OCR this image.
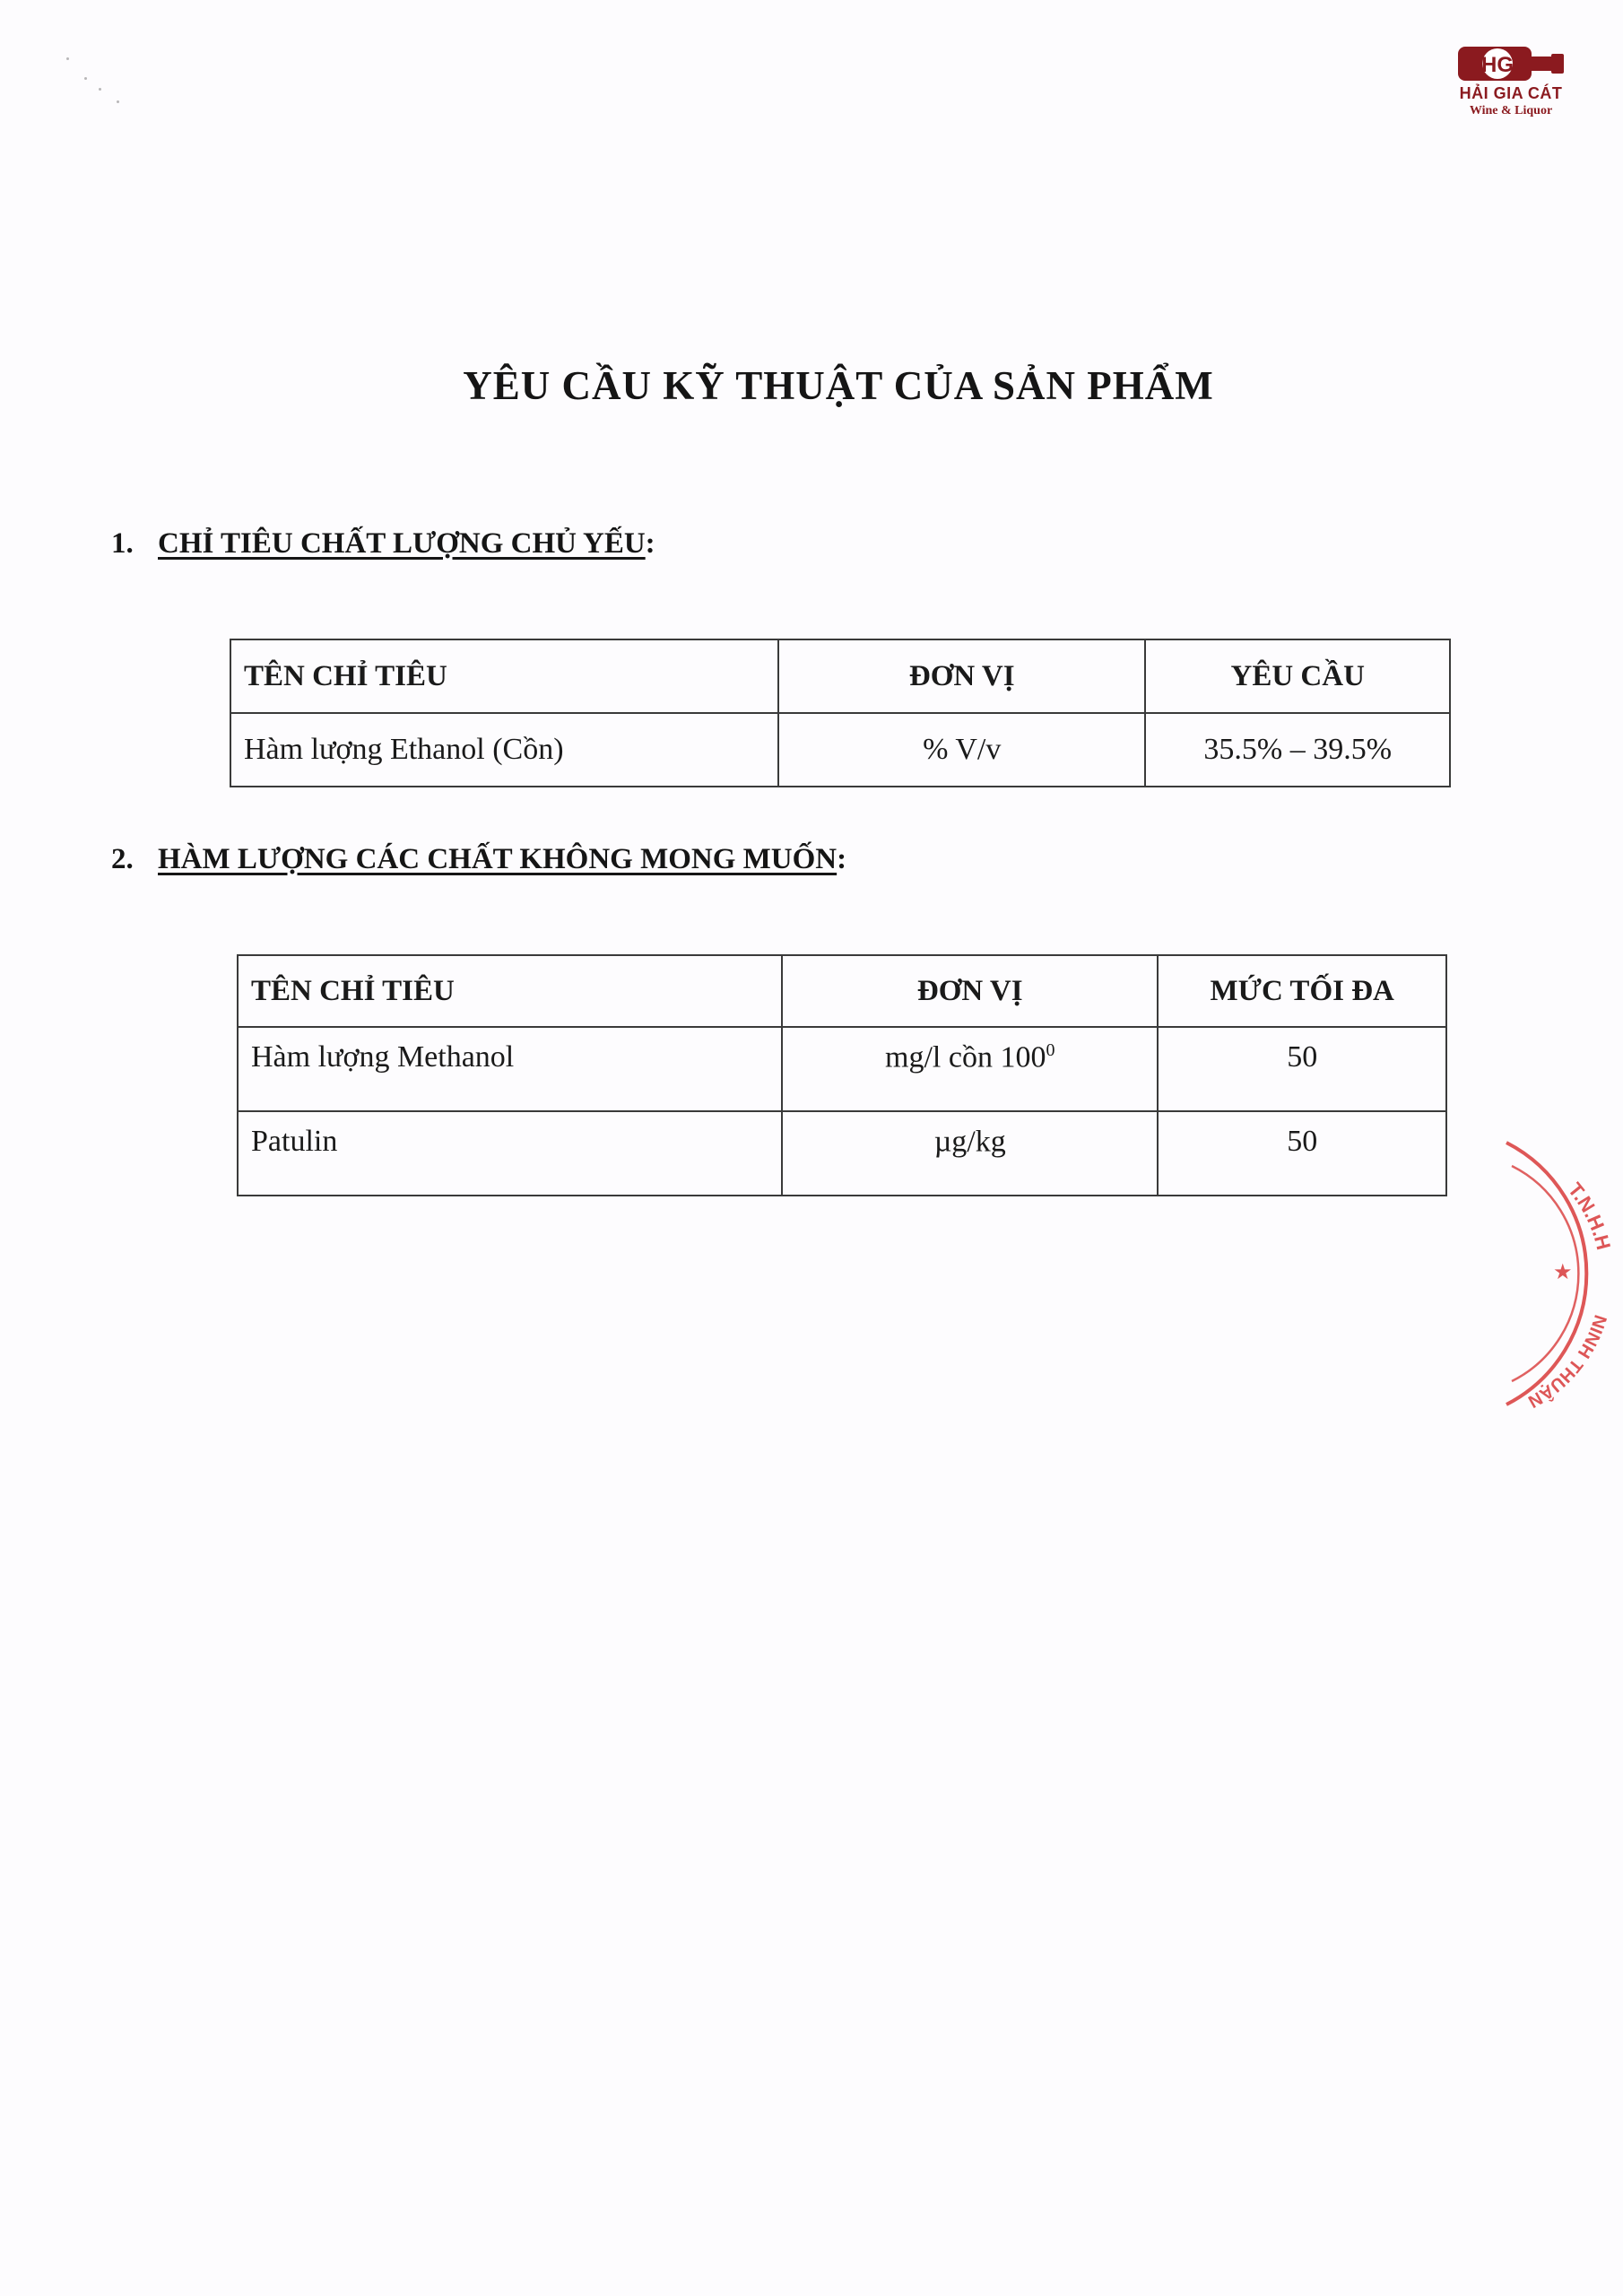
HG
HẢI GIA CÁT
Wine & Liquor
YÊU CẦU KỸ THUẬT CỦA SẢN PHẨM
1. CHỈ TIÊU CHẤT LƯỢNG CHỦ YẾU:
TÊN CHỈ TIÊU	ĐƠN VỊ	YÊU CẦU
Hàm lượng Ethanol (Cồn)	% V/v	35.5% – 39.5%
2. HÀM LƯỢNG CÁC CHẤT KHÔNG MONG MUỐN:
TÊN CHỈ TIÊU	ĐƠN VỊ	MỨC TỐI ĐA
Hàm lượng Methanol	mg/l cồn $100^0$	50
Patulin	µg/kg	50
T.N.H.H
NINH THUẬN
★
